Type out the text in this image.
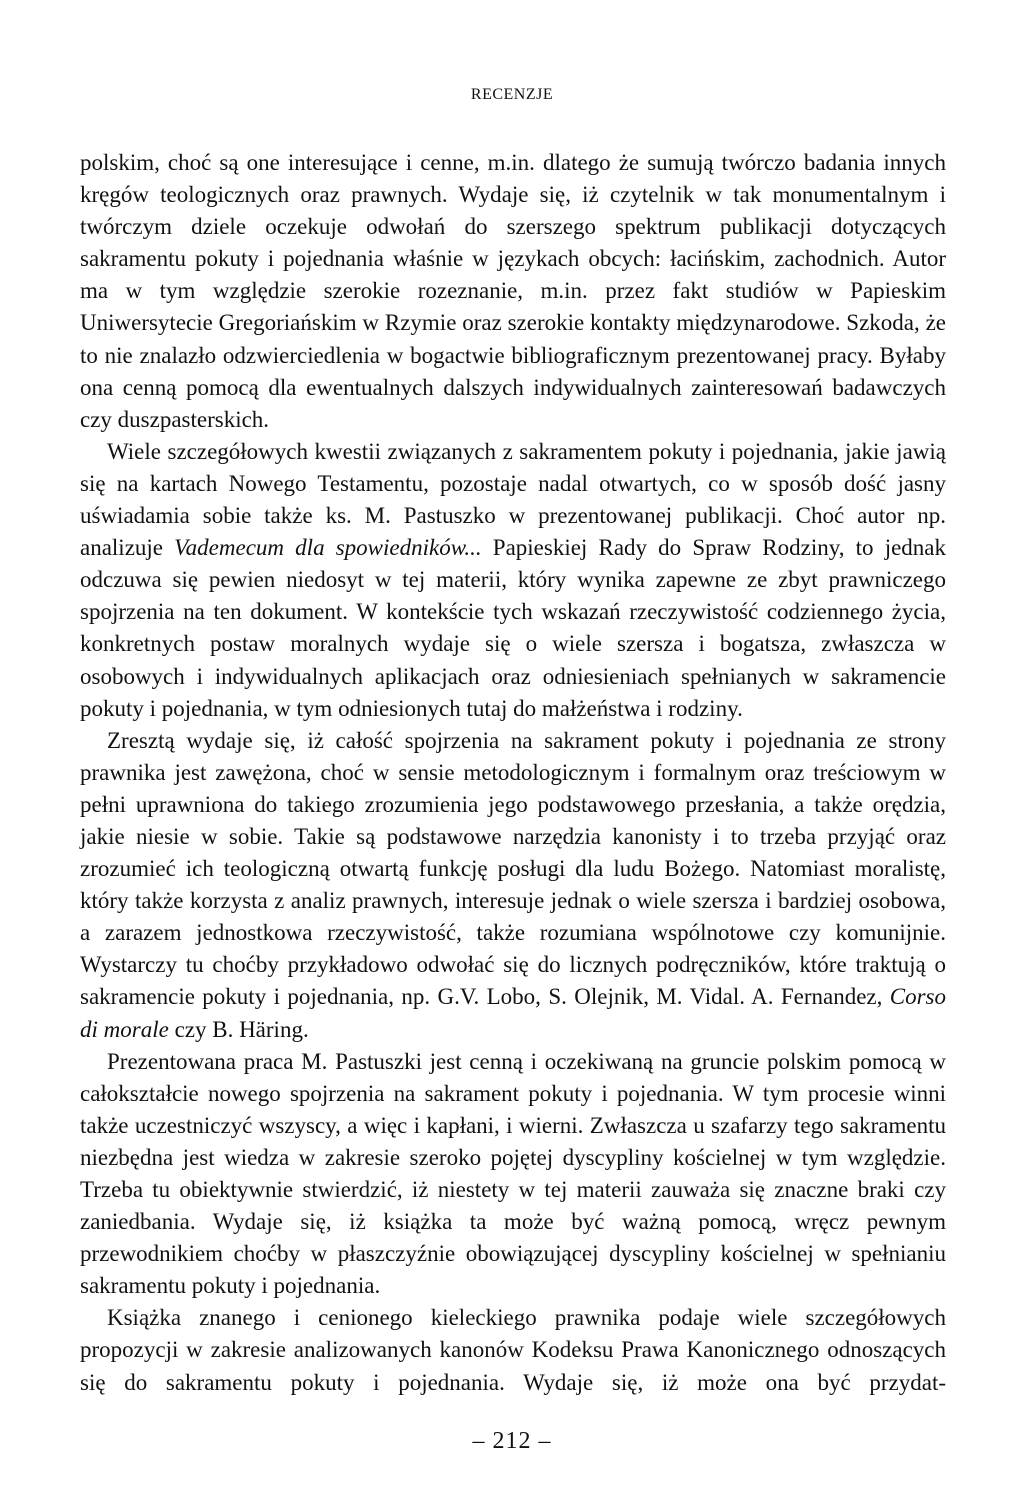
RECENZJE

polskim, choć są one interesujące i cenne, m.in. dlatego że sumują twórczo badania innych kręgów teologicznych oraz prawnych. Wydaje się, iż czytelnik w tak monumentalnym i twórczym dziele oczekuje odwołań do szerszego spektrum publikacji dotyczących sakramentu pokuty i pojednania właśnie w językach obcych: łacińskim, zachodnich. Autor ma w tym względzie szerokie rozeznanie, m.in. przez fakt studiów w Papieskim Uniwersytecie Gregoriańskim w Rzymie oraz szerokie kontakty międzynarodowe. Szkoda, że to nie znalazło odzwierciedlenia w bogactwie bibliograficznym prezentowanej pracy. Byłaby ona cenną pomocą dla ewentualnych dalszych indywidualnych zainteresowań badawczych czy duszpasterskich.

Wiele szczegółowych kwestii związanych z sakramentem pokuty i pojednania, jakie jawią się na kartach Nowego Testamentu, pozostaje nadal otwartych, co w sposób dość jasny uświadamia sobie także ks. M. Pastuszko w prezentowanej publikacji. Choć autor np. analizuje Vademecum dla spowiedników... Papieskiej Rady do Spraw Rodziny, to jednak odczuwa się pewien niedosyt w tej materii, który wynika zapewne ze zbyt prawniczego spojrzenia na ten dokument. W kontekście tych wskazań rzeczywistość codziennego życia, konkretnych postaw moralnych wydaje się o wiele szersza i bogatsza, zwłaszcza w osobowych i indywidualnych aplikacjach oraz odniesieniach spełnianych w sakramencie pokuty i pojednania, w tym odniesionych tutaj do małżeństwa i rodziny.

Zresztą wydaje się, iż całość spojrzenia na sakrament pokuty i pojednania ze strony prawnika jest zawężona, choć w sensie metodologicznym i formalnym oraz treściowym w pełni uprawniona do takiego zrozumienia jego podstawowego przesłania, a także orędzia, jakie niesie w sobie. Takie są podstawowe narzędzia kanonisty i to trzeba przyjąć oraz zrozumieć ich teologiczną otwartą funkcję posługi dla ludu Bożego. Natomiast moralistę, który także korzysta z analiz prawnych, interesuje jednak o wiele szersza i bardziej osobowa, a zarazem jednostkowa rzeczywistość, także rozumiana wspólnotowe czy komunijnie. Wystarczy tu choćby przykładowo odwołać się do licznych podręczników, które traktują o sakramencie pokuty i pojednania, np. G.V. Lobo, S. Olejnik, M. Vidal. A. Fernandez, Corso di morale czy B. Häring.

Prezentowana praca M. Pastuszki jest cenną i oczekiwaną na gruncie polskim pomocą w całokształcie nowego spojrzenia na sakrament pokuty i pojednania. W tym procesie winni także uczestniczyć wszyscy, a więc i kapłani, i wierni. Zwłaszcza u szafarzy tego sakramentu niezbędna jest wiedza w zakresie szeroko pojętej dyscypliny kościelnej w tym względzie. Trzeba tu obiektywnie stwierdzić, iż niestety w tej materii zauważa się znaczne braki czy zaniedbania. Wydaje się, iż książka ta może być ważną pomocą, wręcz pewnym przewodnikiem choćby w płaszczyźnie obowiązującej dyscypliny kościelnej w spełnianiu sakramentu pokuty i pojednania.

Książka znanego i cenionego kieleckiego prawnika podaje wiele szczegółowych propozycji w zakresie analizowanych kanonów Kodeksu Prawa Kanonicznego odnoszących się do sakramentu pokuty i pojednania. Wydaje się, iż może ona być przydat-

– 212 –
